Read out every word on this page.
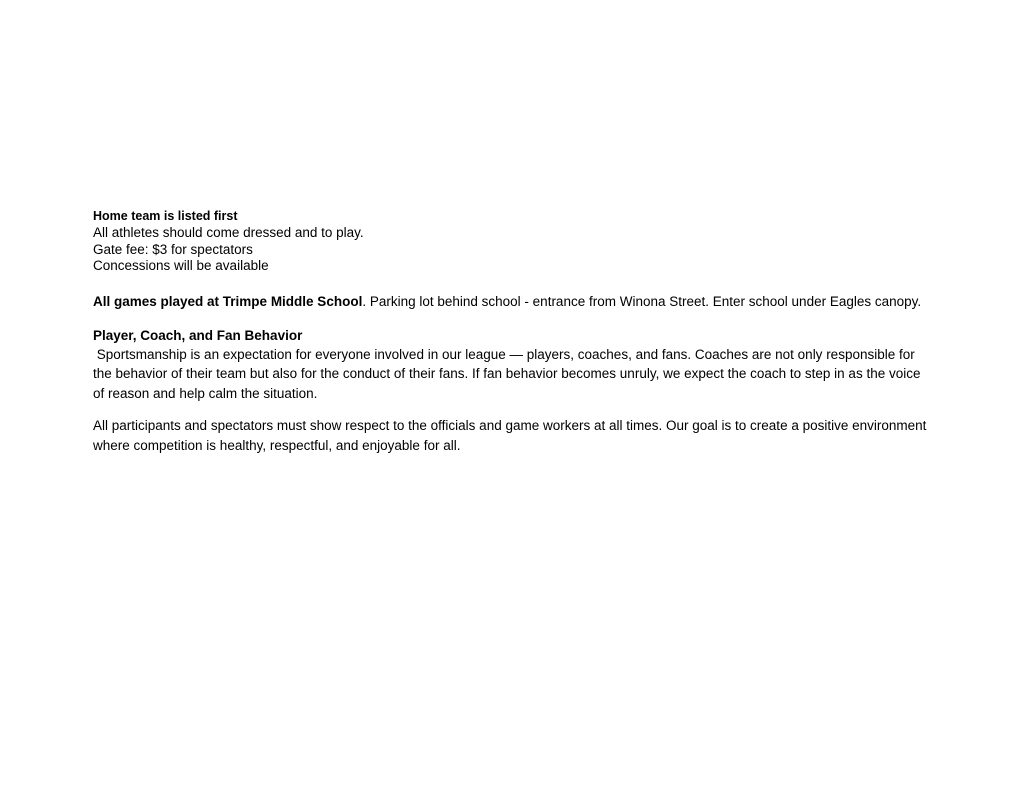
Home team is listed first

All athletes should come dressed and to play.

Gate fee: $3 for spectators

Concessions will be available

All games played at Trimpe Middle School. Parking lot behind school - entrance from Winona Street. Enter school under Eagles canopy.

Player, Coach, and Fan Behavior

Sportsmanship is an expectation for everyone involved in our league — players, coaches, and fans. Coaches are not only responsible for the behavior of their team but also for the conduct of their fans. If fan behavior becomes unruly, we expect the coach to step in as the voice of reason and help calm the situation.

All participants and spectators must show respect to the officials and game workers at all times. Our goal is to create a positive environment where competition is healthy, respectful, and enjoyable for all.
